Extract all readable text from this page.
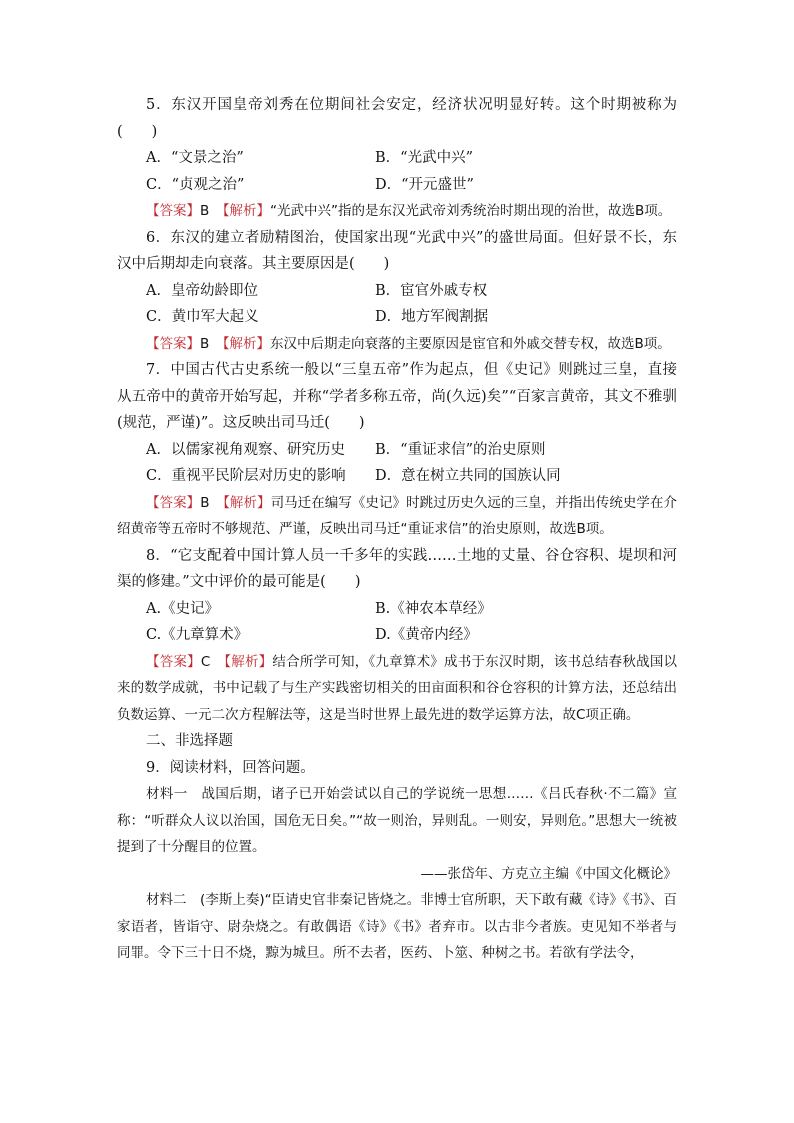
5．东汉开国皇帝刘秀在位期间社会安定，经济状况明显好转。这个时期被称为(　　)

A．“文景之治”	B．“光武中兴”
C．“贞观之治”	D．“开元盛世”

【答案】B　 【解析】“光武中兴”指的是东汉光武帝刘秀统治时期出现的治世，故选B项。

6．东汉的建立者励精图治，使国家出现“光武中兴”的盛世局面。但好景不长，东汉中后期却走向衰落。其主要原因是(　　)

A．皇帝幼龄即位	B．宦官外戚专权
C．黄巾军大起义	D．地方军阀割据

【答案】B　 【解析】东汉中后期走向衰落的主要原因是宦官和外戚交替专权，故选B项。

7．中国古代古史系统一般以“三皇五帝”作为起点，但《史记》则跳过三皇，直接从五帝中的黄帝开始写起，并称“学者多称五帝，尚(久远)矣”“百家言黄帝，其文不雅驯(规范，严谨)”。这反映出司马迁(　　)

A．以儒家视角观察、研究历史	B．“重证求信”的治史原则
C．重视平民阶层对历史的影响	D．意在树立共同的国族认同

【答案】B　 【解析】司马迁在编写《史记》时跳过历史久远的三皇，并指出传统史学在介绍黄帝等五帝时不够规范、严谨，反映出司马迁“重证求信”的治史原则，故选B项。

8．“它支配着中国计算人员一千多年的实践……土地的丈量、谷仓容积、堤坝和河渠的修建。”文中评价的最可能是(　　)

A.《史记》	B.《神农本草经》
C.《九章算术》	D.《黄帝内经》

【答案】C　 【解析】结合所学可知，《九章算术》成书于东汉时期，该书总结春秋战国以来的数学成就，书中记载了与生产实践密切相关的田亩面积和谷仓容积的计算方法，还总结出负数运算、一元二次方程解法等，这是当时世界上最先进的数学运算方法，故C项正确。

二、非选择题

9．阅读材料，回答问题。

材料一　战国后期，诸子已开始尝试以自己的学说统一思想……《吕氏春秋·不二篇》宣称：“听群众人议以治国，国危无日矣。”“故一则治，异则乱。一则安，异则危。”思想大一统被提到了十分醒目的位置。

——张岱年、方克立主编《中国文化概论》

材料二　(李斯上奏)“臣请史官非秦记皆烧之。非博士官所职，天下敢有藏《诗》《书》、百家语者，皆诣守、尉杂烧之。有敢偶语《诗》《书》者弃市。以古非今者族。吏见知不举者与同罪。令下三十日不烧，黥为城旦。所不去者，医药、卜筮、种树之书。若欲有学法令，
